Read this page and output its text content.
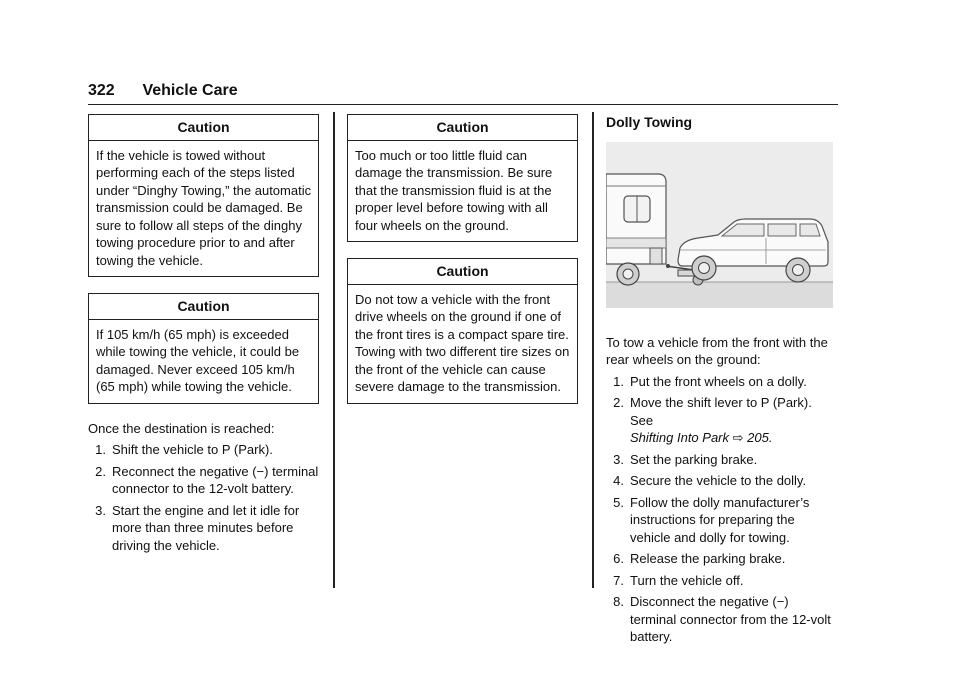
322 Vehicle Care
Caution
If the vehicle is towed without performing each of the steps listed under “Dinghy Towing,” the automatic transmission could be damaged. Be sure to follow all steps of the dinghy towing procedure prior to and after towing the vehicle.
Caution
If 105 km/h (65 mph) is exceeded while towing the vehicle, it could be damaged. Never exceed 105 km/h (65 mph) while towing the vehicle.

Once the destination is reached:

1. Shift the vehicle to P (Park).
2. Reconnect the negative (−) terminal connector to the 12-volt battery.
3. Start the engine and let it idle for more than three minutes before driving the vehicle.
Caution
Too much or too little fluid can damage the transmission. Be sure that the transmission fluid is at the proper level before towing with all four wheels on the ground.
Caution
Do not tow a vehicle with the front drive wheels on the ground if one of the front tires is a compact spare tire. Towing with two different tire sizes on the front of the vehicle can cause severe damage to the transmission.
Dolly Towing

To tow a vehicle from the front with the rear wheels on the ground:

1. Put the front wheels on a dolly.
2. Move the shift lever to P (Park). See
Shifting Into Park ⇨ 205.
3. Set the parking brake.
4. Secure the vehicle to the dolly.
5. Follow the dolly manufacturer’s instructions for preparing the vehicle and dolly for towing.
6. Release the parking brake.
7. Turn the vehicle off.
8. Disconnect the negative (−) terminal connector from the 12-volt battery.
